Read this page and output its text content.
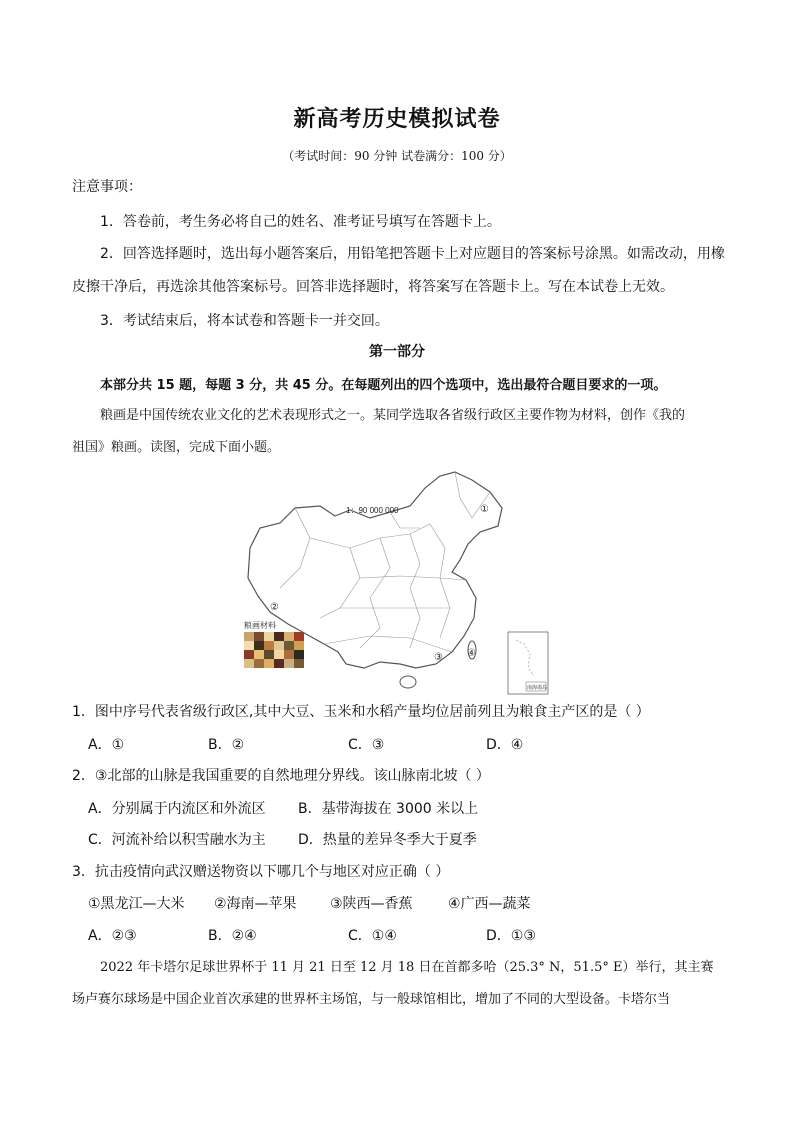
新高考历史模拟试卷
（考试时间：90 分钟 试卷满分：100 分）
注意事项：
1．答卷前，考生务必将自己的姓名、准考证号填写在答题卡上。
2．回答选择题时，选出每小题答案后，用铅笔把答题卡上对应题目的答案标号涂黑。如需改动，用橡
皮擦干净后，再选涂其他答案标号。回答非选择题时，将答案写在答题卡上。写在本试卷上无效。
3．考试结束后，将本试卷和答题卡一并交回。
第一部分
本部分共 15 题，每题 3 分，共 45 分。在每题列出的四个选项中，选出最符合题目要求的一项。
粮画是中国传统农业文化的艺术表现形式之一。某同学选取各省级行政区主要作物为材料，创作《我的
祖国》粮画。读图，完成下面小题。
1：90 000 000	①
②
③ ④
粮画材料
南海诸岛
1．图中序号代表省级行政区,其中大豆、玉米和水稻产量均位居前列且为粮食主产区的是（ ）
A．①	B．②	C．③	D．④
2．③北部的山脉是我国重要的自然地理分界线。该山脉南北坡（ ）
A．分别属于内流区和外流区 B．基带海拔在 3000 米以上
C．河流补给以积雪融水为主 D．热量的差异冬季大于夏季
3．抗击疫情向武汉赠送物资以下哪几个与地区对应正确（ ）
①黑龙江—大米 ②海南—苹果 ③陕西—香蕉	④广西—蔬菜
A．②③	B．②④	C．①④	D．①③
2022 年卡塔尔足球世界杯于 11 月 21 日至 12 月 18 日在首都多哈（25.3° N，51.5° E）举行，其主赛
场卢赛尔球场是中国企业首次承建的世界杯主场馆，与一般球馆相比，增加了不同的大型设备。卡塔尔当
